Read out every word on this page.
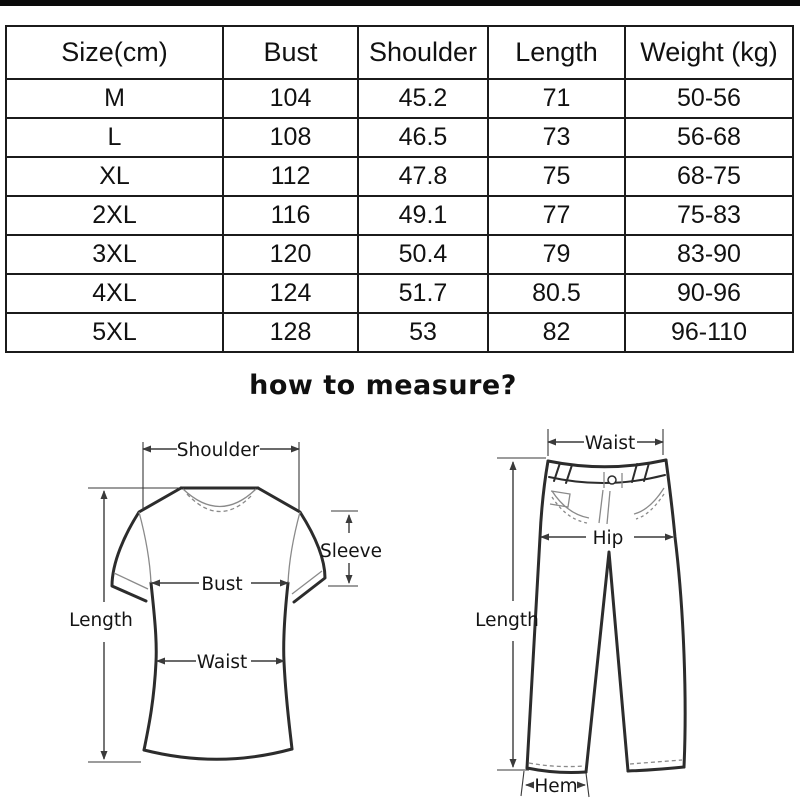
Size(cm)	Bust	Shoulder	Length	Weight (kg)
M	104	45.2	71	50-56
L	108	46.5	73	56-68
XL	112	47.8	75	68-75
2XL	116	49.1	77	75-83
3XL	120	50.4	79	83-90
4XL	124	51.7	80.5	90-96
5XL	128	53	82	96-110
how to measure?
Shoulder
Length
Sleeve
Bust
Waist
Waist
Hip
Length
Hem
